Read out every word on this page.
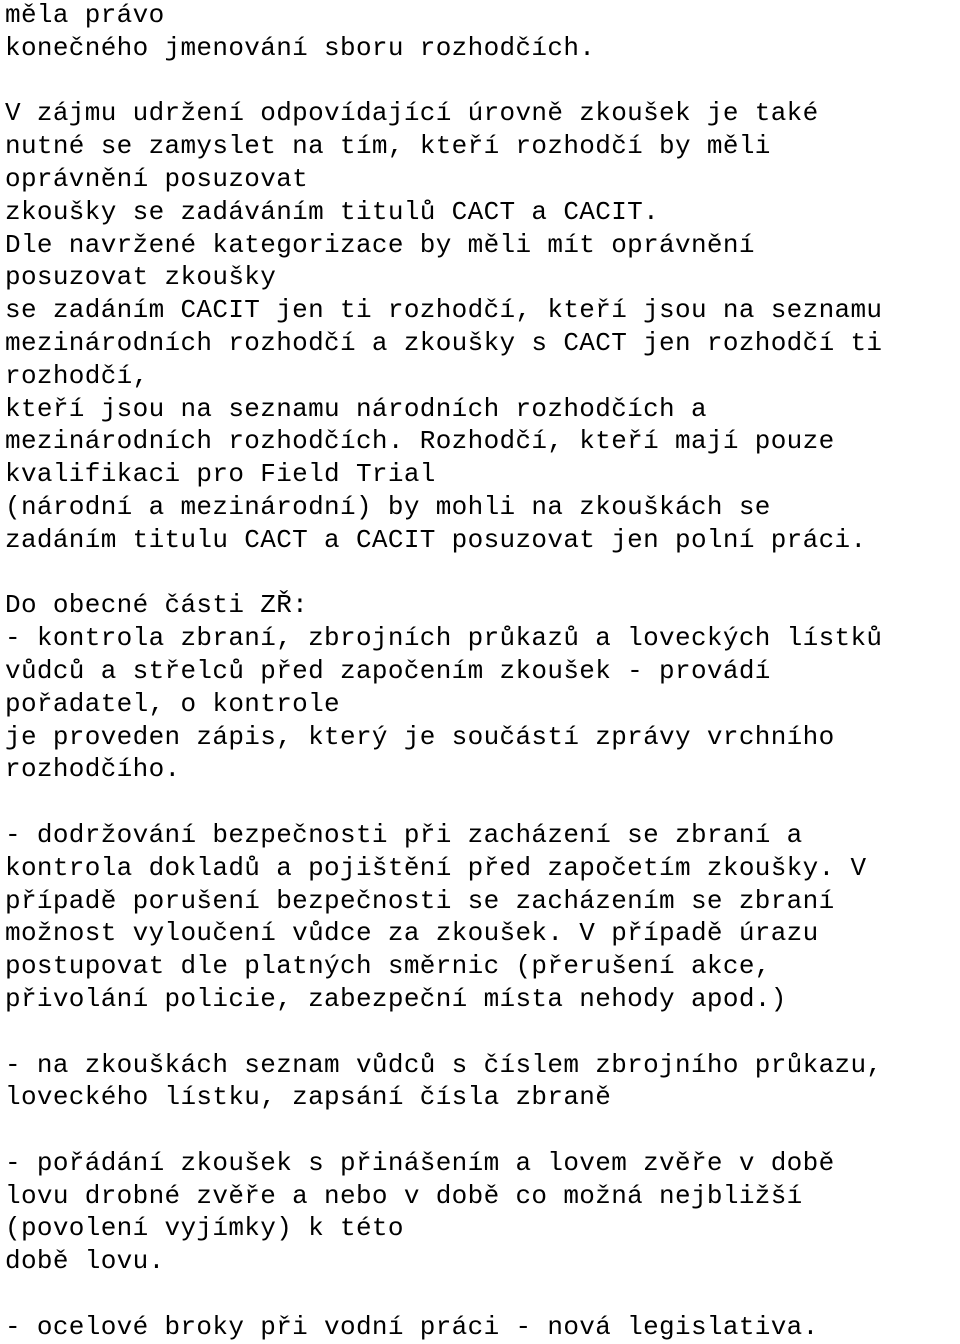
měla právo
konečného jmenování sboru rozhodčích.
V zájmu udržení odpovídající úrovně zkoušek je také
nutné se zamyslet na tím, kteří rozhodčí by měli
oprávnění posuzovat
zkoušky se zadáváním titulů CACT a CACIT.
Dle navržené kategorizace by měli mít oprávnění
posuzovat zkoušky
se zadáním CACIT jen ti rozhodčí, kteří jsou na seznamu
mezinárodních rozhodčí a zkoušky s CACT jen rozhodčí ti
rozhodčí,
kteří jsou na seznamu národních rozhodčích a
mezinárodních rozhodčích. Rozhodčí, kteří mají pouze
kvalifikaci pro Field Trial
(národní a mezinárodní) by mohli na zkouškách se
zadáním titulu CACT a CACIT posuzovat jen polní práci.
Do obecné části ZŘ:
- kontrola zbraní, zbrojních průkazů a loveckých lístků
vůdců a střelců před započením zkoušek - provádí
pořadatel, o kontrole
je proveden zápis, který je součástí zprávy vrchního
rozhodčího.
- dodržování bezpečnosti při zacházení se zbraní a
kontrola dokladů a pojištění před započetím zkoušky. V
případě porušení bezpečnosti se zacházením se zbraní
možnost vyloučení vůdce za zkoušek. V případě úrazu
postupovat dle platných směrnic (přerušení akce,
přivolání policie, zabezpeční místa nehody apod.)
- na zkouškách seznam vůdců s číslem zbrojního průkazu,
loveckého lístku, zapsání čísla zbraně
- pořádání zkoušek s přinášením a lovem zvěře v době
lovu drobné zvěře a nebo v době co možná nejbližší
(povolení vyjímky) k této
době lovu.
- ocelové broky při vodní práci - nová legislativa.
